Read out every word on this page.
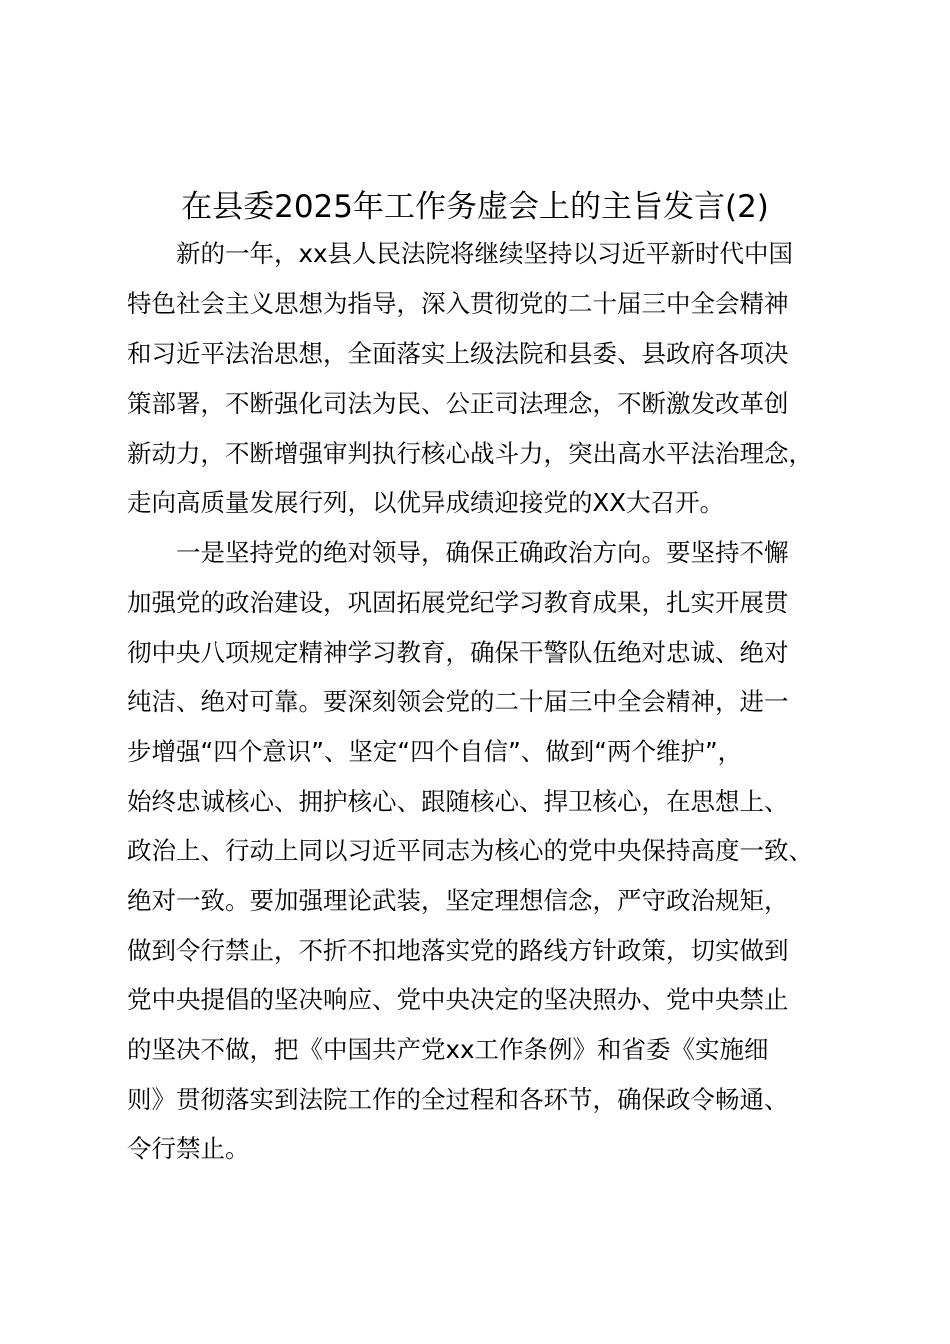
在县委2025年工作务虚会上的主旨发言(2)
新的一年，xx县人民法院将继续坚持以习近平新时代中国
特色社会主义思想为指导，深入贯彻党的二十届三中全会精神
和习近平法治思想，全面落实上级法院和县委、县政府各项决
策部署，不断强化司法为民、公正司法理念，不断激发改革创
新动力，不断增强审判执行核心战斗力，突出高水平法治理念，
走向高质量发展行列，以优异成绩迎接党的XX大召开。
一是坚持党的绝对领导，确保正确政治方向。要坚持不懈
加强党的政治建设，巩固拓展党纪学习教育成果，扎实开展贯
彻中央八项规定精神学习教育，确保干警队伍绝对忠诚、绝对
纯洁、绝对可靠。要深刻领会党的二十届三中全会精神，进一
步增强“四个意识”、坚定“四个自信”、做到“两个维护”，
始终忠诚核心、拥护核心、跟随核心、捍卫核心，在思想上、
政治上、行动上同以习近平同志为核心的党中央保持高度一致、
绝对一致。要加强理论武装，坚定理想信念，严守政治规矩，
做到令行禁止，不折不扣地落实党的路线方针政策，切实做到
党中央提倡的坚决响应、党中央决定的坚决照办、党中央禁止
的坚决不做，把《中国共产党xx工作条例》和省委《实施细
则》贯彻落实到法院工作的全过程和各环节，确保政令畅通、
令行禁止。
